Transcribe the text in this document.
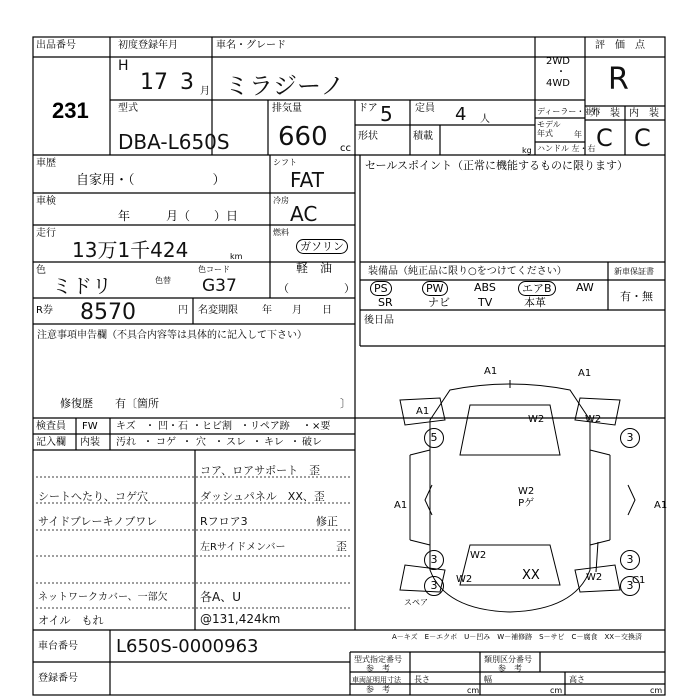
出品番号
231
初度登録年月
H
17 3 月
車名・グレード
ミラジーノ
2WD
・
4WD
評　価　点
R
型式
DBA-L650S
排気量
660 cc
ドア 5 定員 4 人
形状	積載
kg
ディーラー・並行
モデル
年式	年
ハンドル 左・右
外　装 内　装
C C
車歴
自家用・（　　　　　　）
シフト
FAT
車検
年　　　月（　　）日
冷房
AC
走行
13万1千424	km
燃料
ガソリン
軽　油
（　　　　　）
色
ミドリ	色替
色コード
G37
R券 8570	円 名変期限 年　　月　　日
注意事項申告欄（不具合内容等は具体的に記入して下さい）
修復歴　　有〔箇所	〕
セールスポイント（正常に機能するものに限ります）
装備品（純正品に限り○をつけてください）	新車保証書
有・無
PS	PW	ABS	エアB	AW
SR	ナビ	TV	本革
後日品
検査員
記入欄
FW キズ ・ 凹・石 ・ ヒビ割 ・ リペア跡 ・ ×要
内装 汚れ ・ コゲ ・ 穴 ・ スレ ・ キレ ・ 破レ
シートへたり、コゲ穴
サイドブレーキノブワレ
ネットワークカバー、一部欠
オイル　もれ
コア、ロアサポート　歪
ダッシュパネル　XX、歪
Rフロア3	修正
左Rサイドメンバー	歪
各A、U
@131,424km
A1	A1
A1
W2	W2
A1
W2
W2
Pゲ	A1
XX
W2	C1
W2
5	3
3	3
3	3
スペア
A－キズ　E－エクボ　U－凹み　W－補修跡　S－サビ　C－腐食　XX－交換済
車台番号 L650S-0000963
登録番号
型式指定番号
参　考
類別区分番号
参　考
車両証明用寸法
参　考
長さ
cm
幅
cm
高さ
cm
